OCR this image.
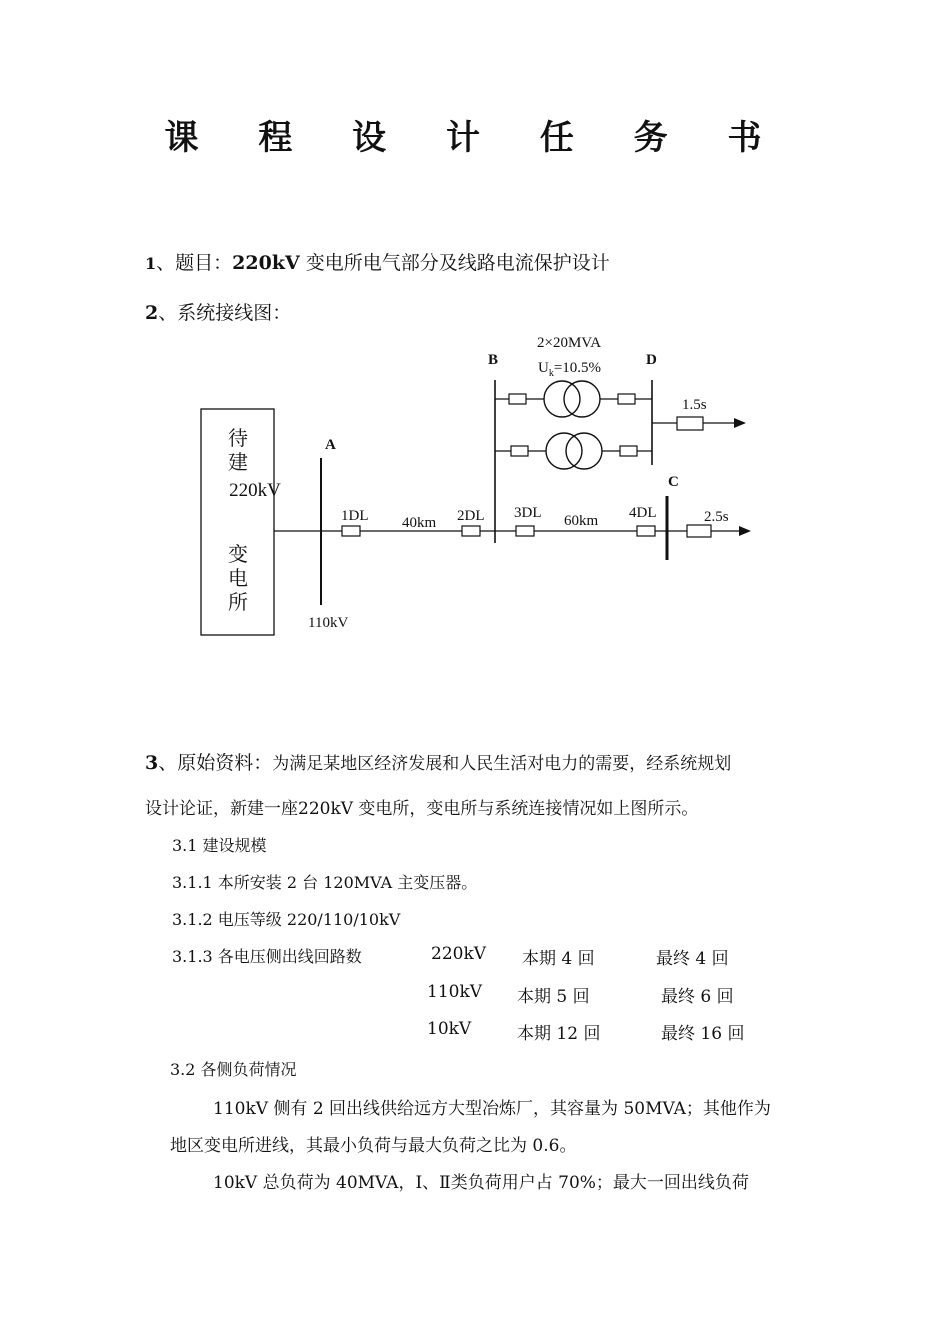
课 程 设 计 任 务 书
1、题目：220kV 变电所电气部分及线路电流保护设计
2、系统接线图：
A
B
C
D
110kV
1DL	2DL 3DL	4DL
40km	60km
1.5s
2.5s
2×20MVA
$U_k=10.5\%$
待
建
220kV
变
电
所
3、原始资料：为满足某地区经济发展和人民生活对电力的需要，经系统规划
设计论证，新建一座220kV 变电所，变电所与系统连接情况如上图所示。
3.1 建设规模
3.1.1 本所安装 2 台 120MVA 主变压器。
3.1.2 电压等级 220/110/10kV
3.1.3 各电压侧出线回路数	220kV 本期 4 回	最终 4 回
110kV 本期 5 回	最终 6 回
10kV	本期 12 回	最终 16 回
3.2 各侧负荷情况
110kV 侧有 2 回出线供给远方大型冶炼厂，其容量为 50MVA；其他作为
地区变电所进线，其最小负荷与最大负荷之比为 0.6。
10kV 总负荷为 40MVA，Ⅰ、Ⅱ类负荷用户占 70%；最大一回出线负荷
